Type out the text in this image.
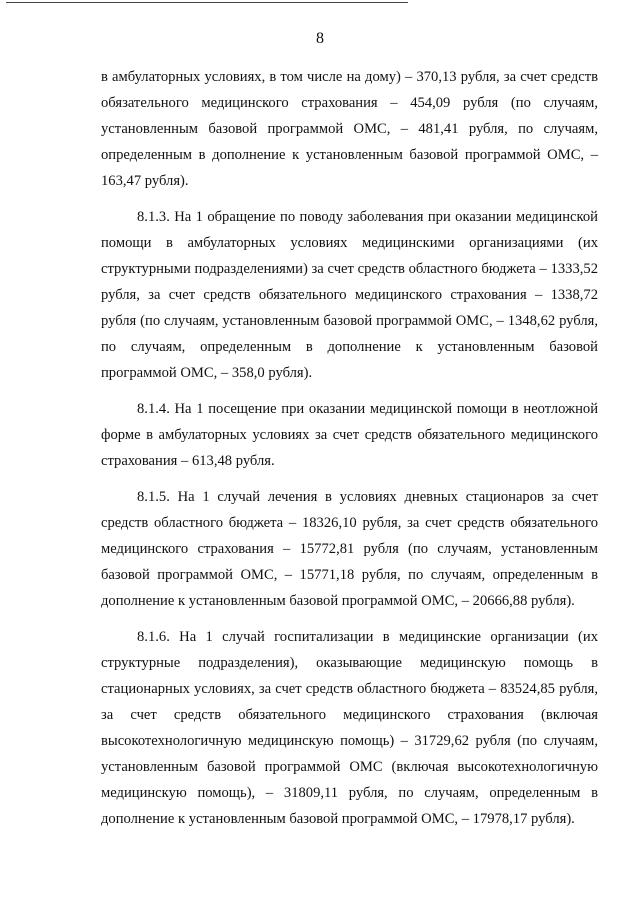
8

в амбулаторных условиях, в том числе на дому) – 370,13 рубля, за счет средств обязательного медицинского страхования – 454,09 рубля (по случаям, установленным базовой программой ОМС, – 481,41 рубля, по случаям, определенным в дополнение к установленным базовой программой ОМС, – 163,47 рубля).

8.1.3. На 1 обращение по поводу заболевания при оказании медицинской помощи в амбулаторных условиях медицинскими организациями (их структурными подразделениями) за счет средств областного бюджета – 1333,52 рубля, за счет средств обязательного медицинского страхования – 1338,72 рубля (по случаям, установленным базовой программой ОМС, – 1348,62 рубля, по случаям, определенным в дополнение к установленным базовой программой ОМС, – 358,0 рубля).

8.1.4. На 1 посещение при оказании медицинской помощи в неотложной форме в амбулаторных условиях за счет средств обязательного медицинского страхования – 613,48 рубля.

8.1.5. На 1 случай лечения в условиях дневных стационаров за счет средств областного бюджета – 18326,10 рубля, за счет средств обязательного медицинского страхования – 15772,81 рубля (по случаям, установленным базовой программой ОМС, – 15771,18 рубля, по случаям, определенным в дополнение к установленным базовой программой ОМС, – 20666,88 рубля).

8.1.6. На 1 случай госпитализации в медицинские организации (их структурные подразделения), оказывающие медицинскую помощь в стационарных условиях, за счет средств областного бюджета – 83524,85 рубля, за счет средств обязательного медицинского страхования (включая высокотехнологичную медицинскую помощь) – 31729,62 рубля (по случаям, установленным базовой программой ОМС (включая высокотехнологичную медицинскую помощь), – 31809,11 рубля, по случаям, определенным в дополнение к установленным базовой программой ОМС, – 17978,17 рубля).
